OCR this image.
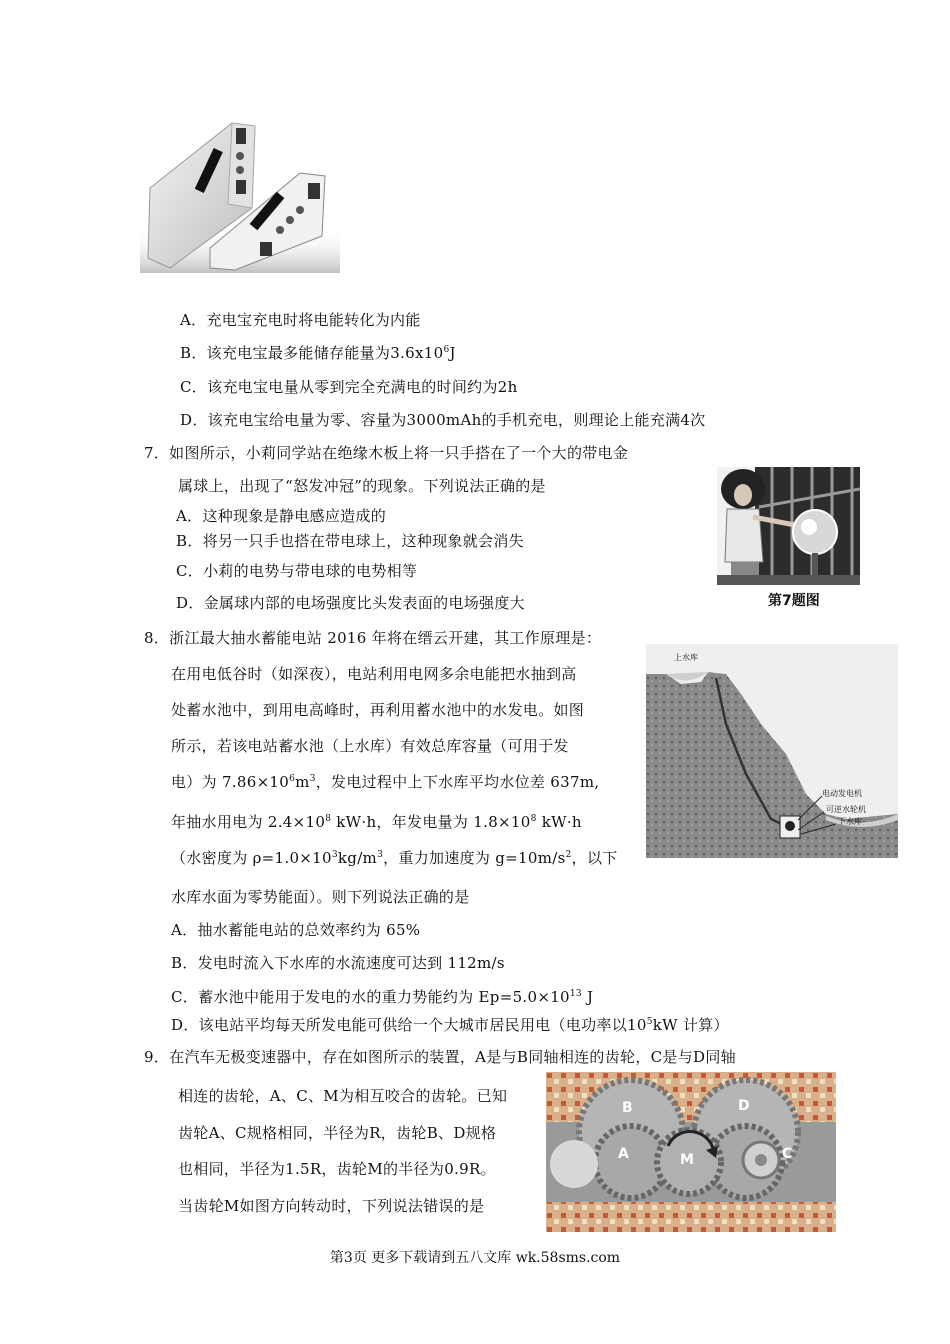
A．充电宝充电时将电能转化为内能
B．该充电宝最多能储存能量为$3.6x10^6J$
C．该充电宝电量从零到完全充满电的时间约为2h
D．该充电宝给电量为零、容量为3000mAh的手机充电，则理论上能充满4次
7．如图所示，小莉同学站在绝缘木板上将一只手搭在了一个大的带电金
属球上，出现了“怒发冲冠”的现象。下列说法正确的是
A．这种现象是静电感应造成的
B．将另一只手也搭在带电球上，这种现象就会消失
C．小莉的电势与带电球的电势相等
D．金属球内部的电场强度比头发表面的电场强度大	第7题图
8．浙江最大抽水蓄能电站 2016 年将在缙云开建，其工作原理是：
在用电低谷时（如深夜），电站利用电网多余电能把水抽到高
处蓄水池中，到用电高峰时，再利用蓄水池中的水发电。如图
所示，若该电站蓄水池（上水库）有效总库容量（可用于发
电）为 $7.86\times 10^6m^3$，发电过程中上下水库平均水位差 637m,
年抽水用电为 $2.4\times 10^8$ kW·h，年发电量为 $1.8\times 10^8$ kW·h
（水密度为 $\rho=1.0\times 10^3kg/m^3$，重力加速度为 $g=10m/s^2$，以下
水库水面为零势能面）。则下列说法正确的是
A．抽水蓄能电站的总效率约为 65%
B．发电时流入下水库的水流速度可达到 112m/s
C．蓄水池中能用于发电的水的重力势能约为 $Ep=5.0\times 10^{13}$ J
D．该电站平均每天所发电能可供给一个大城市居民用电（电功率以$10^5kW$ 计算）
上水库
电动发电机
可逆水轮机
下水库
9．在汽车无极变速器中，存在如图所示的装置，A是与B同轴相连的齿轮，C是与D同轴
相连的齿轮，A、C、M为相互咬合的齿轮。已知
齿轮A、C规格相同，半径为R，齿轮B、D规格
也相同，半径为1.5R，齿轮M的半径为0.9R。
当齿轮M如图方向转动时，下列说法错误的是
B	D
A	M	C
第3页 更多下载请到五八文库 wk.58sms.com
